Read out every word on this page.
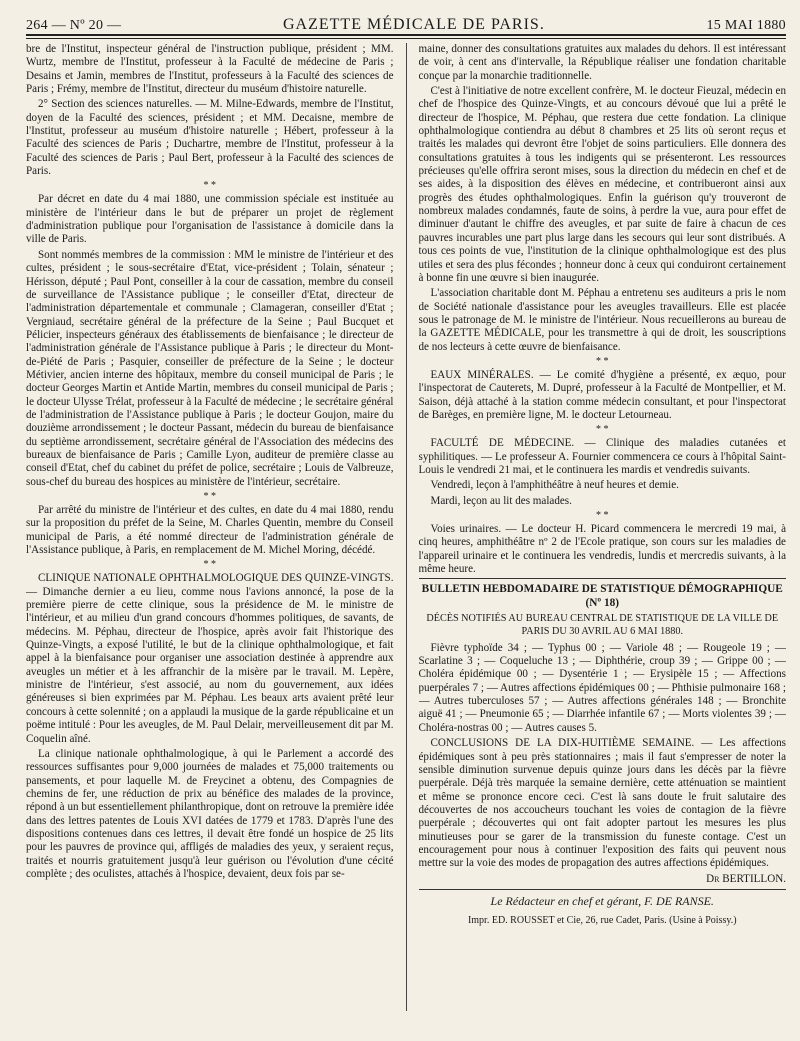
264 — Nº 20 —	GAZETTE MÉDICALE DE PARIS.	15 MAI 1880

bre de l'Institut, inspecteur général de l'instruction publique, président ; MM. Wurtz, membre de l'Institut, professeur à la Faculté de médecine de Paris ; Desains et Jamin, membres de l'Institut, professeurs à la Faculté des sciences de Paris ; Frémy, membre de l'Institut, directeur du muséum d'histoire naturelle.

2° Section des sciences naturelles. — M. Milne-Edwards, membre de l'Institut, doyen de la Faculté des sciences, président ; et MM. Decaisne, membre de l'Institut, professeur au muséum d'histoire naturelle ; Hébert, professeur à la Faculté des sciences de Paris ; Duchartre, membre de l'Institut, professeur à la Faculté des sciences de Paris ; Paul Bert, professeur à la Faculté des sciences de Paris.

* *

Par décret en date du 4 mai 1880, une commission spéciale est instituée au ministère de l'intérieur dans le but de préparer un projet de règlement d'administration publique pour l'organisation de l'assistance à domicile dans la ville de Paris.

Sont nommés membres de la commission : MM le ministre de l'intérieur et des cultes, président ; le sous-secrétaire d'Etat, vice-président ; Tolain, sénateur ; Hérisson, député ; Paul Pont, conseiller à la cour de cassation, membre du conseil de surveillance de l'Assistance publique ; le conseiller d'Etat, directeur de l'administration départementale et communale ; Clamageran, conseiller d'Etat ; Vergniaud, secrétaire général de la préfecture de la Seine ; Paul Bucquet et Pélicier, inspecteurs généraux des établissements de bienfaisance ; le directeur de l'administration générale de l'Assistance publique à Paris ; le directeur du Mont-de-Piété de Paris ; Pasquier, conseiller de préfecture de la Seine ; le docteur Métivier, ancien interne des hôpitaux, membre du conseil municipal de Paris ; le docteur Georges Martin et Antide Martin, membres du conseil municipal de Paris ; le docteur Ulysse Trélat, professeur à la Faculté de médecine ; le secrétaire général de l'administration de l'Assistance publique à Paris ; le docteur Goujon, maire du douzième arrondissement ; le docteur Passant, médecin du bureau de bienfaisance du septième arrondissement, secrétaire général de l'Association des médecins des bureaux de bienfaisance de Paris ; Camille Lyon, auditeur de première classe au conseil d'Etat, chef du cabinet du préfet de police, secrétaire ; Louis de Valbreuze, sous-chef du bureau des hospices au ministère de l'intérieur, secrétaire.

* *

Par arrêté du ministre de l'intérieur et des cultes, en date du 4 mai 1880, rendu sur la proposition du préfet de la Seine, M. Charles Quentin, membre du Conseil municipal de Paris, a été nommé directeur de l'administration générale de l'Assistance publique, à Paris, en remplacement de M. Michel Moring, décédé.

* *

CLINIQUE NATIONALE OPHTHALMOLOGIQUE DES QUINZE-VINGTS. — Dimanche dernier a eu lieu, comme nous l'avions annoncé, la pose de la première pierre de cette clinique, sous la présidence de M. le ministre de l'intérieur, et au milieu d'un grand concours d'hommes politiques, de savants, de médecins. M. Péphau, directeur de l'hospice, après avoir fait l'historique des Quinze-Vingts, a exposé l'utilité, le but de la clinique ophthalmologique, et fait appel à la bienfaisance pour organiser une association destinée à apprendre aux aveugles un métier et à les affranchir de la misère par le travail. M. Lepère, ministre de l'intérieur, s'est associé, au nom du gouvernement, aux idées généreuses si bien exprimées par M. Péphau. Les beaux arts avaient prêté leur concours à cette solennité ; on a applaudi la musique de la garde républicaine et un poëme intitulé : Pour les aveugles, de M. Paul Delair, merveilleusement dit par M. Coquelin aîné.

La clinique nationale ophthalmologique, à qui le Parlement a accordé des ressources suffisantes pour 9,000 journées de malades et 75,000 traitements ou pansements, et pour laquelle M. de Freycinet a obtenu, des Compagnies de chemins de fer, une réduction de prix au bénéfice des malades de la province, répond à un but essentiellement philanthropique, dont on retrouve la première idée dans des lettres patentes de Louis XVI datées de 1779 et 1783. D'après l'une des dispositions contenues dans ces lettres, il devait être fondé un hospice de 25 lits pour les pauvres de province qui, affligés de maladies des yeux, y seraient reçus, traités et nourris gratuitement jusqu'à leur guérison ou l'évolution d'une cécité complète ; des oculistes, attachés à l'hospice, devaient, deux fois par se-

maine, donner des consultations gratuites aux malades du dehors. Il est intéressant de voir, à cent ans d'intervalle, la République réaliser une fondation charitable conçue par la monarchie traditionnelle.

C'est à l'initiative de notre excellent confrère, M. le docteur Fieuzal, médecin en chef de l'hospice des Quinze-Vingts, et au concours dévoué que lui a prêté le directeur de l'hospice, M. Péphau, que restera due cette fondation. La clinique ophthalmologique contiendra au début 8 chambres et 25 lits où seront reçus et traités les malades qui devront être l'objet de soins particuliers. Elle donnera des consultations gratuites à tous les indigents qui se présenteront. Les ressources précieuses qu'elle offrira seront mises, sous la direction du médecin en chef et de ses aides, à la disposition des élèves en médecine, et contribueront ainsi aux progrès des études ophthalmologiques. Enfin la guérison qu'y trouveront de nombreux malades condamnés, faute de soins, à perdre la vue, aura pour effet de diminuer d'autant le chiffre des aveugles, et par suite de faire à chacun de ces pauvres incurables une part plus large dans les secours qui leur sont distribués. A tous ces points de vue, l'institution de la clinique ophthalmologique est des plus utiles et sera des plus fécondes ; honneur donc à ceux qui conduiront certainement à bonne fin une œuvre si bien inaugurée.

L'association charitable dont M. Péphau a entretenu ses auditeurs a pris le nom de Société nationale d'assistance pour les aveugles travailleurs. Elle est placée sous le patronage de M. le ministre de l'intérieur. Nous recueillerons au bureau de la GAZETTE MÉDICALE, pour les transmettre à qui de droit, les souscriptions de nos lecteurs à cette œuvre de bienfaisance.

* *

EAUX MINÉRALES. — Le comité d'hygiène a présenté, ex æquo, pour l'inspectorat de Cauterets, M. Dupré, professeur à la Faculté de Montpellier, et M. Saison, déjà attaché à la station comme médecin consultant, et pour l'inspectorat de Barèges, en première ligne, M. le docteur Letourneau.

* *

FACULTÉ DE MÉDECINE. — Clinique des maladies cutanées et syphilitiques. — Le professeur A. Fournier commencera ce cours à l'hôpital Saint-Louis le vendredi 21 mai, et le continuera les mardis et vendredis suivants.

Vendredi, leçon à l'amphithéâtre à neuf heures et demie.

Mardi, leçon au lit des malades.

* *

Voies urinaires. — Le docteur H. Picard commencera le mercredi 19 mai, à cinq heures, amphithéâtre nº 2 de l'Ecole pratique, son cours sur les maladies de l'appareil urinaire et le continuera les vendredis, lundis et mercredis suivants, à la même heure.

BULLETIN HEBDOMADAIRE DE STATISTIQUE DÉMOGRAPHIQUE (Nº 18)
DÉCÈS NOTIFIÉS AU BUREAU CENTRAL DE STATISTIQUE DE LA VILLE DE PARIS DU 30 AVRIL AU 6 MAI 1880.

Fièvre typhoïde 34 ; — Typhus 00 ; — Variole 48 ; — Rougeole 19 ; — Scarlatine 3 ; — Coqueluche 13 ; — Diphthérie, croup 39 ; — Grippe 00 ; — Choléra épidémique 00 ; — Dysentérie 1 ; — Erysipèle 15 ; — Affections puerpérales 7 ; — Autres affections épidémiques 00 ; — Phthisie pulmonaire 168 ; — Autres tuberculoses 57 ; — Autres affections générales 148 ; — Bronchite aiguë 41 ; — Pneumonie 65 ; — Diarrhée infantile 67 ; — Morts violentes 39 ; — Choléra-nostras 00 ; — Autres causes 5.

CONCLUSIONS DE LA DIX-HUITIÈME SEMAINE. — Les affections épidémiques sont à peu près stationnaires ; mais il faut s'empresser de noter la sensible diminution survenue depuis quinze jours dans les décès par la fièvre puerpérale. Déjà très marquée la semaine dernière, cette atténuation se maintient et même se prononce encore ceci. C'est là sans doute le fruit salutaire des découvertes de nos accoucheurs touchant les voies de contagion de la fièvre puerpérale ; découvertes qui ont fait adopter partout les mesures les plus minutieuses pour se garer de la transmission du funeste contage. C'est un encouragement pour nous à continuer l'exposition des faits qui peuvent nous mettre sur la voie des modes de propagation des autres affections épidémiques.

Dr BERTILLON.
Le Rédacteur en chef et gérant, F. DE RANSE.
Impr. ED. ROUSSET et Cie, 26, rue Cadet, Paris. (Usine à Poissy.)
